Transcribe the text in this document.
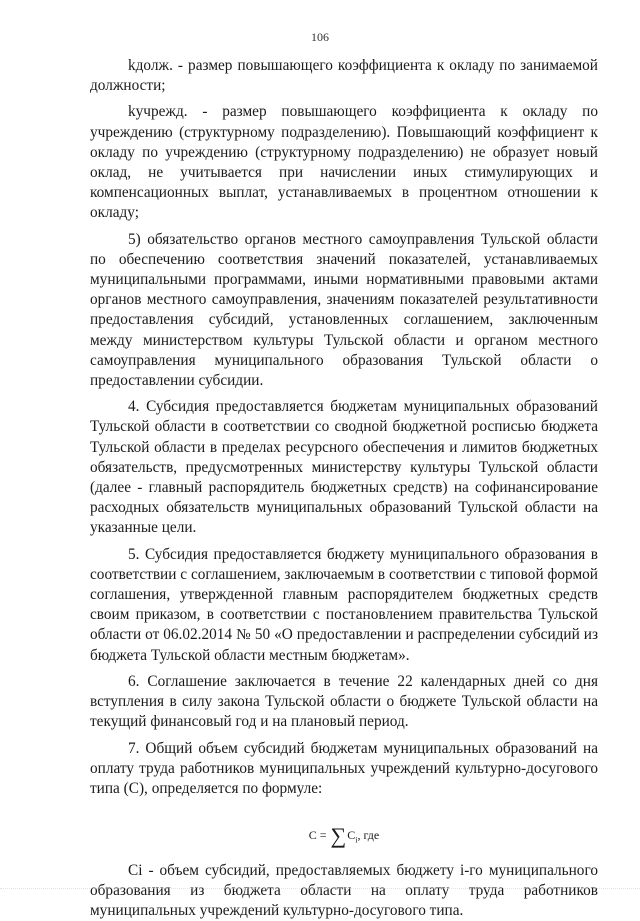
106

kдолж. - размер повышающего коэффициента к окладу по занимаемой должности;

kучрежд. - размер повышающего коэффициента к окладу по учреждению (структурному подразделению). Повышающий коэффициент к окладу по учреждению (структурному подразделению) не образует новый оклад, не учитывается при начислении иных стимулирующих и компенсационных выплат, устанавливаемых в процентном отношении к окладу;

5) обязательство органов местного самоуправления Тульской области по обеспечению соответствия значений показателей, устанавливаемых муниципальными программами, иными нормативными правовыми актами органов местного самоуправления, значениям показателей результативности предоставления субсидий, установленных соглашением, заключенным между министерством культуры Тульской области и органом местного самоуправления муниципального образования Тульской области о предоставлении субсидии.

4. Субсидия предоставляется бюджетам муниципальных образований Тульской области в соответствии со сводной бюджетной росписью бюджета Тульской области в пределах ресурсного обеспечения и лимитов бюджетных обязательств, предусмотренных министерству культуры Тульской области (далее - главный распорядитель бюджетных средств) на софинансирование расходных обязательств муниципальных образований Тульской области на указанные цели.

5. Субсидия предоставляется бюджету муниципального образования в соответствии с соглашением, заключаемым в соответствии с типовой формой соглашения, утвержденной главным распорядителем бюджетных средств своим приказом, в соответствии с постановлением правительства Тульской области от 06.02.2014 № 50 «О предоставлении и распределении субсидий из бюджета Тульской области местным бюджетам».

6. Соглашение заключается в течение 22 календарных дней со дня вступления в силу закона Тульской области о бюджете Тульской области на текущий финансовый год и на плановый период.

7. Общий объем субсидий бюджетам муниципальных образований на оплату труда работников муниципальных учреждений культурно-досугового типа (С), определяется по формуле:

$C = \sum C_i$, где

Ci - объем субсидий, предоставляемых бюджету i-го муниципального образования из бюджета области на оплату труда работников муниципальных учреждений культурно-досугового типа.
